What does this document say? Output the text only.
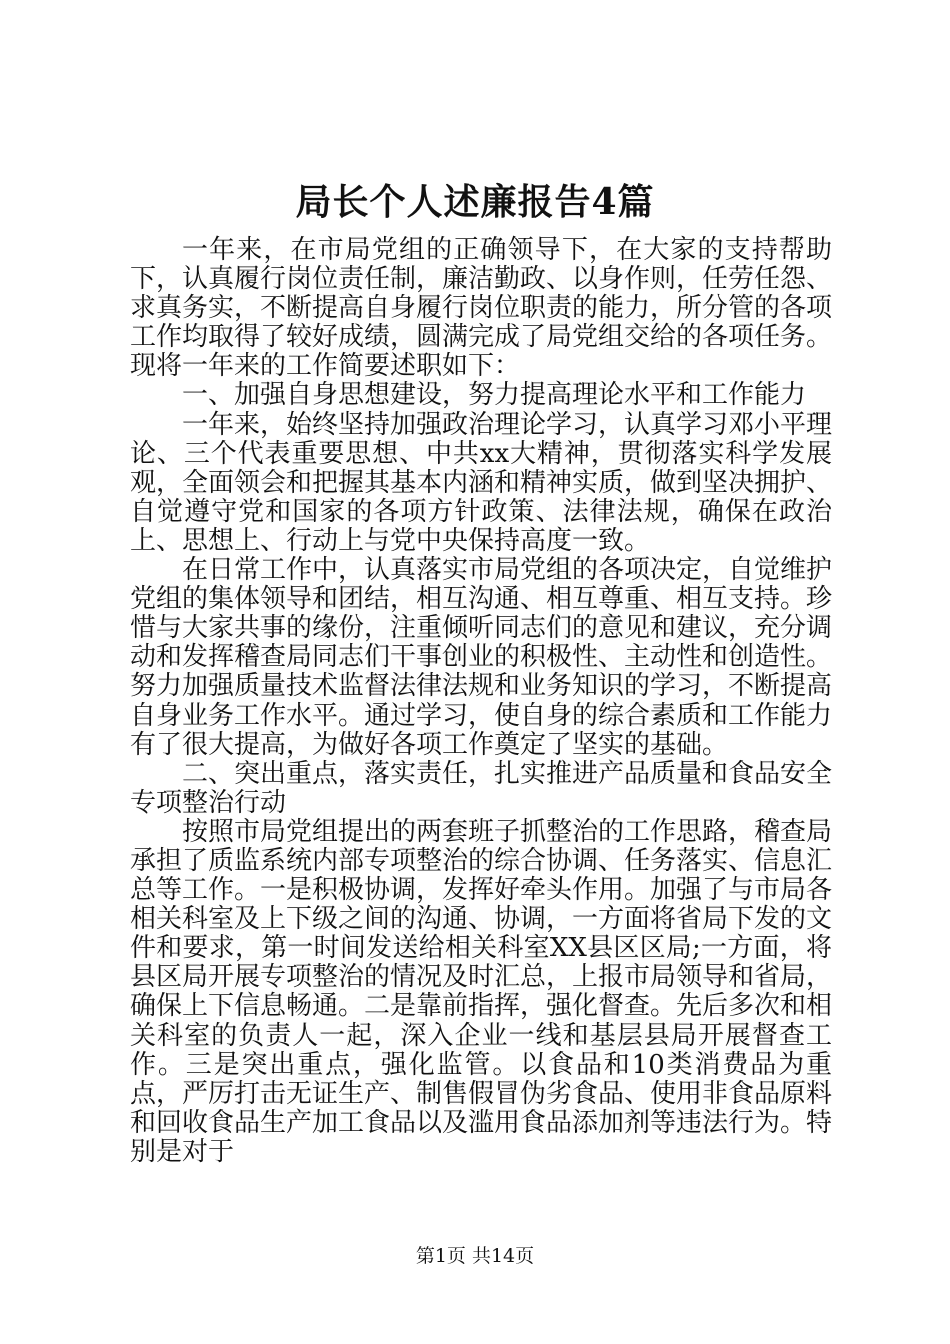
局长个人述廉报告4篇

一年来，在市局党组的正确领导下，在大家的支持帮助下，认真履行岗位责任制，廉洁勤政、以身作则，任劳任怨、求真务实，不断提高自身履行岗位职责的能力，所分管的各项工作均取得了较好成绩，圆满完成了局党组交给的各项任务。现将一年来的工作简要述职如下：

一、加强自身思想建设，努力提高理论水平和工作能力

一年来，始终坚持加强政治理论学习，认真学习邓小平理论、三个代表重要思想、中共xx大精神，贯彻落实科学发展观，全面领会和把握其基本内涵和精神实质，做到坚决拥护、自觉遵守党和国家的各项方针政策、法律法规，确保在政治上、思想上、行动上与党中央保持高度一致。

在日常工作中，认真落实市局党组的各项决定，自觉维护党组的集体领导和团结，相互沟通、相互尊重、相互支持。珍惜与大家共事的缘份，注重倾听同志们的意见和建议，充分调动和发挥稽查局同志们干事创业的积极性、主动性和创造性。努力加强质量技术监督法律法规和业务知识的学习，不断提高自身业务工作水平。通过学习，使自身的综合素质和工作能力有了很大提高，为做好各项工作奠定了坚实的基础。

二、突出重点，落实责任，扎实推进产品质量和食品安全专项整治行动

按照市局党组提出的两套班子抓整治的工作思路，稽查局承担了质监系统内部专项整治的综合协调、任务落实、信息汇总等工作。一是积极协调，发挥好牵头作用。加强了与市局各相关科室及上下级之间的沟通、协调，一方面将省局下发的文件和要求，第一时间发送给相关科室XX县区区局;一方面，将县区局开展专项整治的情况及时汇总，上报市局领导和省局，确保上下信息畅通。二是靠前指挥，强化督查。先后多次和相关科室的负责人一起，深入企业一线和基层县局开展督查工作。三是突出重点，强化监管。以食品和10类消费品为重点，严厉打击无证生产、制售假冒伪劣食品、使用非食品原料和回收食品生产加工食品以及滥用食品添加剂等违法行为。特别是对于

第1页 共14页
